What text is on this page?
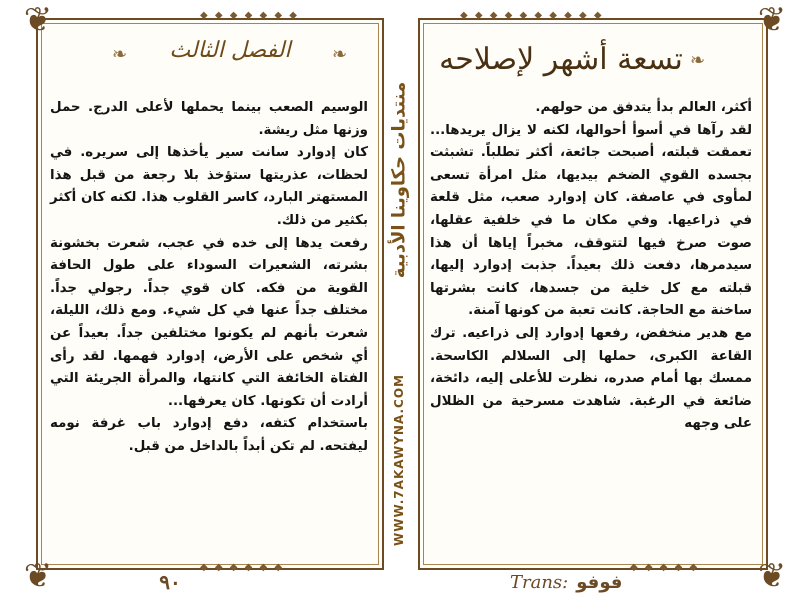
❦
❦
◆ ◆ ◆ ◆ ◆ ◆ ◆
◆ ◆ ◆ ◆ ◆ ◆
الفصل الثالث
❧	❧

الوسيم الصعب بينما يحملها لأعلى الدرج. حمل وزنها مثل ريشة.

كان إدوارد سانت سير يأخذها إلى سريره. في لحظات، عذريتها ستؤخذ بلا رجعة من قبل هذا المستهتر البارد، كاسر القلوب هذا. لكنه كان أكثر بكثير من ذلك.

رفعت يدها إلى خده في عجب، شعرت بخشونة بشرته، الشعيرات السوداء على طول الحافة القوية من فكه. كان قوي جداً. رجولي جداً. مختلف جداً عنها في كل شيء. ومع ذلك، الليلة، شعرت بأنهم لم يكونوا مختلفين جداً. بعيداً عن أي شخص على الأرض، إدوارد فهمها. لقد رأى الفتاة الخائفة التي كانتها، والمرأة الجريئة التي أرادت أن تكونها. كان يعرفها...

باستخدام كتفه، دفع إدوارد باب غرفة نومه ليفتحه. لم تكن أبداً بالداخل من قبل.

٩٠
منتديات حكاوينا الأدبية
WWW.7AKAWYNA.COM
❦
❦
◆ ◆ ◆ ◆ ◆ ◆ ◆ ◆ ◆ ◆
◆ ◆ ◆ ◆ ◆
تسعة أشهر لإصلاحه ❧

أكثر، العالم بدأ يتدفق من حولهم.

لقد رآها في أسوأ أحوالها، لكنه لا يزال يريدها... تعمقت قبلته، أصبحت جائعة، أكثر تطلباً. تشبثت بجسده القوي الضخم بيديها، مثل امرأة تسعى لمأوى في عاصفة. كان إدوارد صعب، مثل قلعة في ذراعيها. وفي مكان ما في خلفية عقلها، صوت صرخ فيها لتتوقف، مخبراً إياها أن هذا سيدمرها، دفعت ذلك بعيداً. جذبت إدوارد إليها، قبلته مع كل خلية من جسدها، كانت بشرتها ساخنة مع الحاجة. كانت تعبة من كونها آمنة.

مع هدير منخفض، رفعها إدوارد إلى ذراعيه. ترك القاعة الكبرى، حملها إلى السلالم الكاسحة. ممسك بها أمام صدره، نظرت للأعلى إليه، دائخة، ضائعة في الرغبة. شاهدت مسرحية من الظلال على وجهه

Trans: فوفو
